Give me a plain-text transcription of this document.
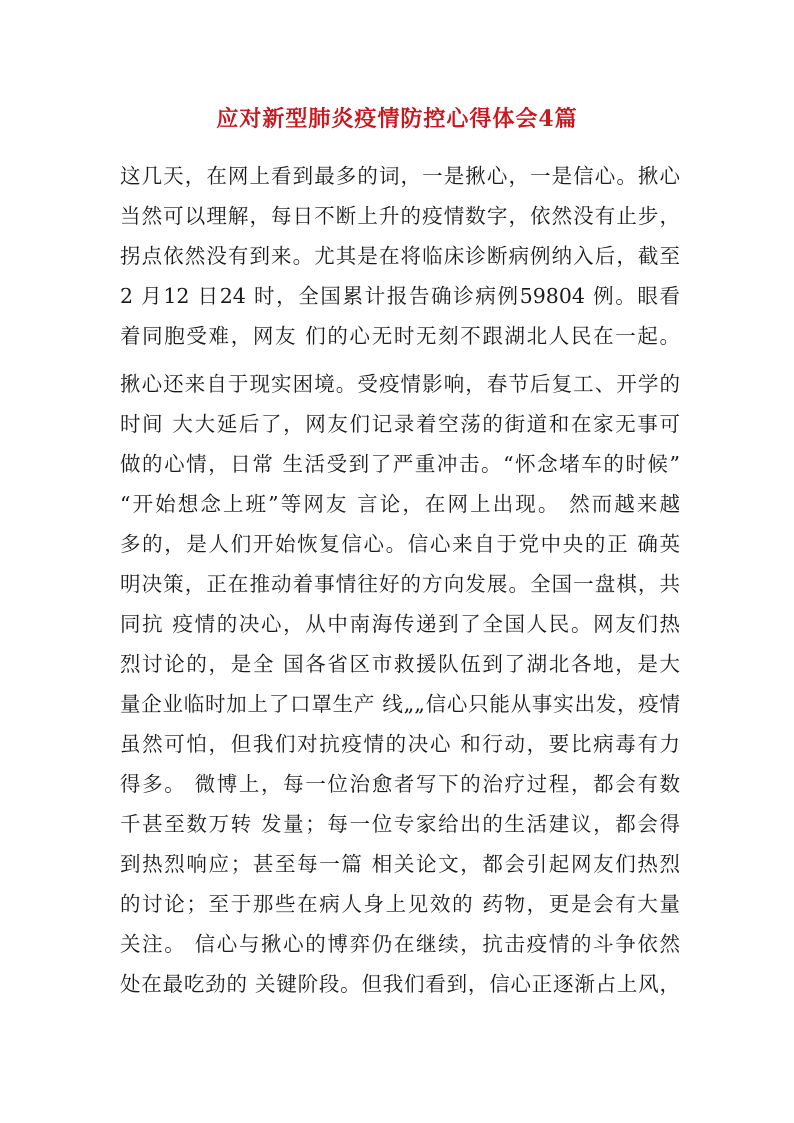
应对新型肺炎疫情防控心得体会4篇
这几天，在网上看到最多的词，一是揪心，一是信心。揪心
当然可以理解，每日不断上升的疫情数字，依然没有止步，
拐点依然没有到来。尤其是在将临床诊断病例纳入后，截至
2 月12 日24 时，全国累计报告确诊病例59804 例。眼看
着同胞受难，网友 们的心无时无刻不跟湖北人民在一起。
揪心还来自于现实困境。受疫情影响，春节后复工、开学的
时间 大大延后了，网友们记录着空荡的街道和在家无事可
做的心情，日常 生活受到了严重冲击。“怀念堵车的时候”
“开始想念上班”等网友 言论，在网上出现。 然而越来越
多的，是人们开始恢复信心。信心来自于党中央的正 确英
明决策，正在推动着事情往好的方向发展。全国一盘棋，共
同抗 疫情的决心，从中南海传递到了全国人民。网友们热
烈讨论的，是全 国各省区市救援队伍到了湖北各地，是大
量企业临时加上了口罩生产 线„„信心只能从事实出发，疫情
虽然可怕，但我们对抗疫情的决心 和行动，要比病毒有力
得多。 微博上，每一位治愈者写下的治疗过程，都会有数
千甚至数万转 发量；每一位专家给出的生活建议，都会得
到热烈响应；甚至每一篇 相关论文，都会引起网友们热烈
的讨论；至于那些在病人身上见效的 药物，更是会有大量
关注。 信心与揪心的博弈仍在继续，抗击疫情的斗争依然
处在最吃劲的 关键阶段。但我们看到，信心正逐渐占上风，
